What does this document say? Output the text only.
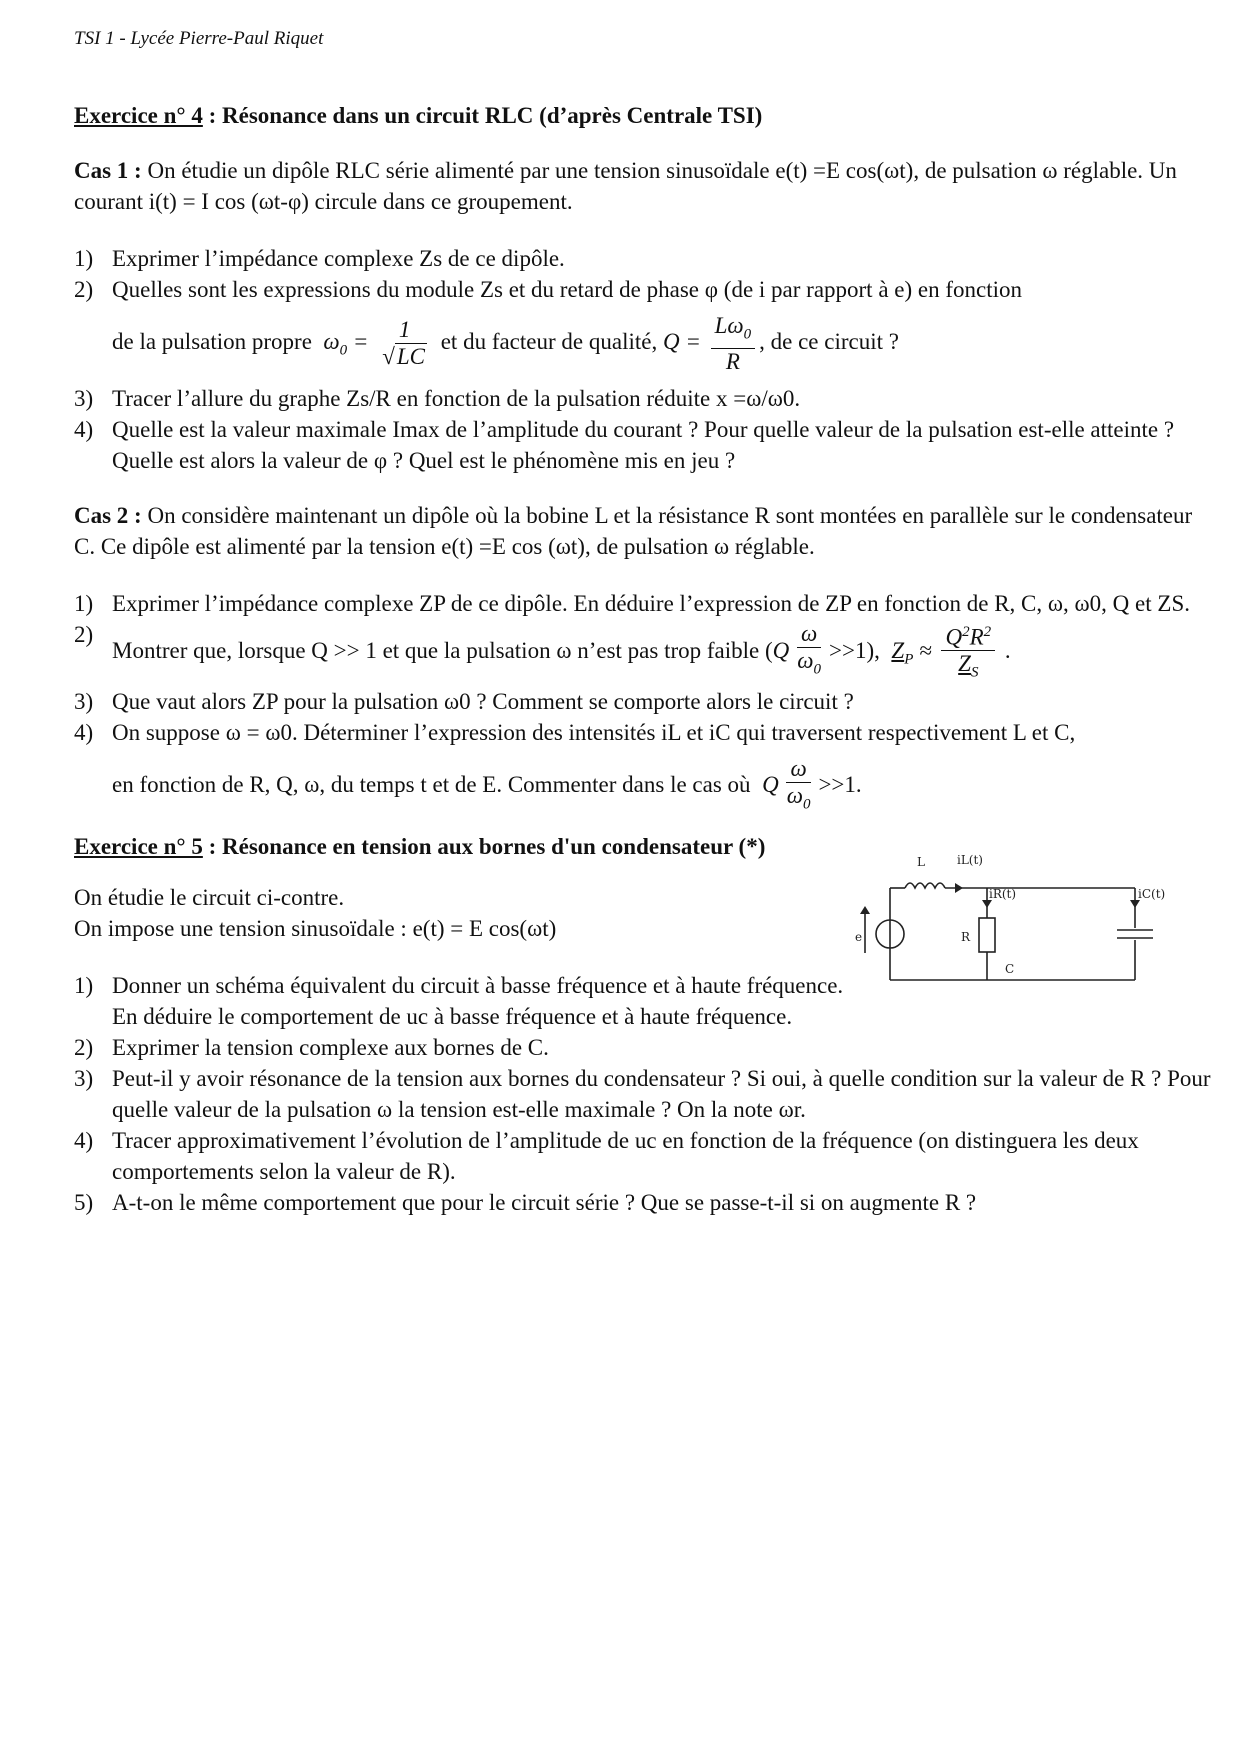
TSI 1 - Lycée Pierre-Paul Riquet

Exercice n° 4 : Résonance dans un circuit RLC (d’après Centrale TSI)

Cas 1 : On étudie un dipôle RLC série alimenté par une tension sinusoïdale e(t) =E cos(ωt), de pulsation ω réglable. Un courant i(t) = I cos (ωt-φ) circule dans ce groupement.

1) Exprimer l’impédance complexe Zs de ce dipôle.
2) Quelles sont les expressions du module Zs et du retard de phase φ (de i par rapport à e) en fonction
de la pulsation propre  $\omega_0 = \frac{1}{√LC}$ et du facteur de qualité, $Q = \frac{L\omega_0}{R}$ , de ce circuit ?
3) Tracer l’allure du graphe Zs/R en fonction de la pulsation réduite x =ω/ω0.
4) Quelle est la valeur maximale Imax de l’amplitude du courant ? Pour quelle valeur de la pulsation est-elle atteinte ? Quelle est alors la valeur de φ ? Quel est le phénomène mis en jeu ?

Cas 2 : On considère maintenant un dipôle où la bobine L et la résistance R sont montées en parallèle sur le condensateur C. Ce dipôle est alimenté par la tension e(t) =E cos (ωt), de pulsation ω réglable.

1) Exprimer l’impédance complexe ZP de ce dipôle. En déduire l’expression de ZP en fonction de R, C, ω, ω0, Q et ZS.
2)
Montrer que, lorsque Q >> 1 et que la pulsation ω n’est pas trop faible $(Q \frac{\omega}{\omega_0} >>1)$, $Z_P \approx \frac{Q^2R^2}{Z_S}$ .
3) Que vaut alors ZP pour la pulsation ω0 ? Comment se comporte alors le circuit ?
4) On suppose ω = ω0. Déterminer l’expression des intensités iL et iC qui traversent respectivement L et C,
en fonction de R, Q, ω, du temps t et de E. Commenter dans le cas où  Q $\frac{\omega}{\omega_0} >>1$.

Exercice n° 5 : Résonance en tension aux bornes d'un condensateur (*)

On étudie le circuit ci-contre.

On impose une tension sinusoïdale : e(t) = E cos(ωt)

1) Donner un schéma équivalent du circuit à basse fréquence et à haute fréquence. En déduire le comportement de uc à basse fréquence et à haute fréquence.
2) Exprimer la tension complexe aux bornes de C.
3) Peut-il y avoir résonance de la tension aux bornes du condensateur ? Si oui, à quelle condition sur la valeur de R ? Pour quelle valeur de la pulsation ω la tension est-elle maximale ? On la note ωr.
4) Tracer approximativement l’évolution de l’amplitude de uc en fonction de la fréquence (on distinguera les deux comportements selon la valeur de R).
5) A-t-on le même comportement que pour le circuit série ? Que se passe-t-il si on augmente R ?
L	iL(t)
iR(t)	iC(t)
e	R
C
